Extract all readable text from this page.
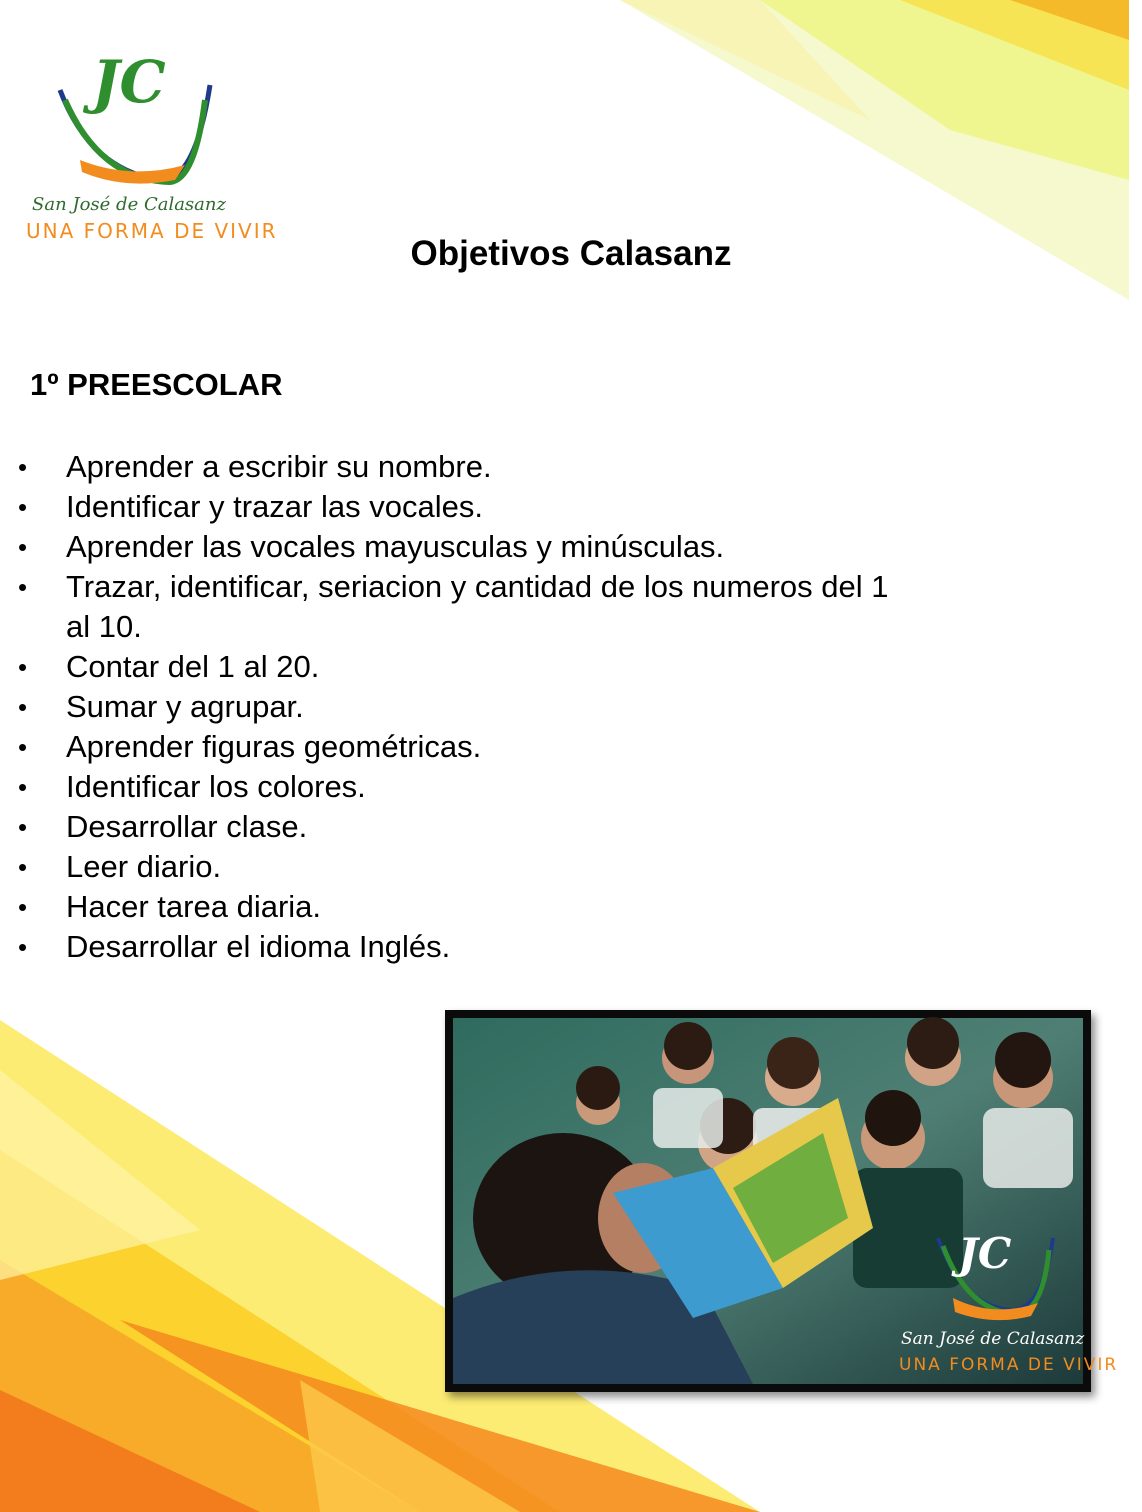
JC
San José de Calasanz
UNA FORMA DE VIVIR
Objetivos Calasanz
1º PREESCOLAR
• Aprender a escribir su nombre.
• Identificar y trazar las vocales.
• Aprender las vocales mayusculas y minúsculas.
• Trazar, identificar, seriacion y cantidad de los numeros del 1 al 10.
• Contar del 1 al 20.
• Sumar y agrupar.
• Aprender figuras geométricas.
• Identificar los colores.
• Desarrollar clase.
• Leer diario.
• Hacer tarea diaria.
• Desarrollar el idioma Inglés.
JC
San José de Calasanz
UNA FORMA DE VIVIR
